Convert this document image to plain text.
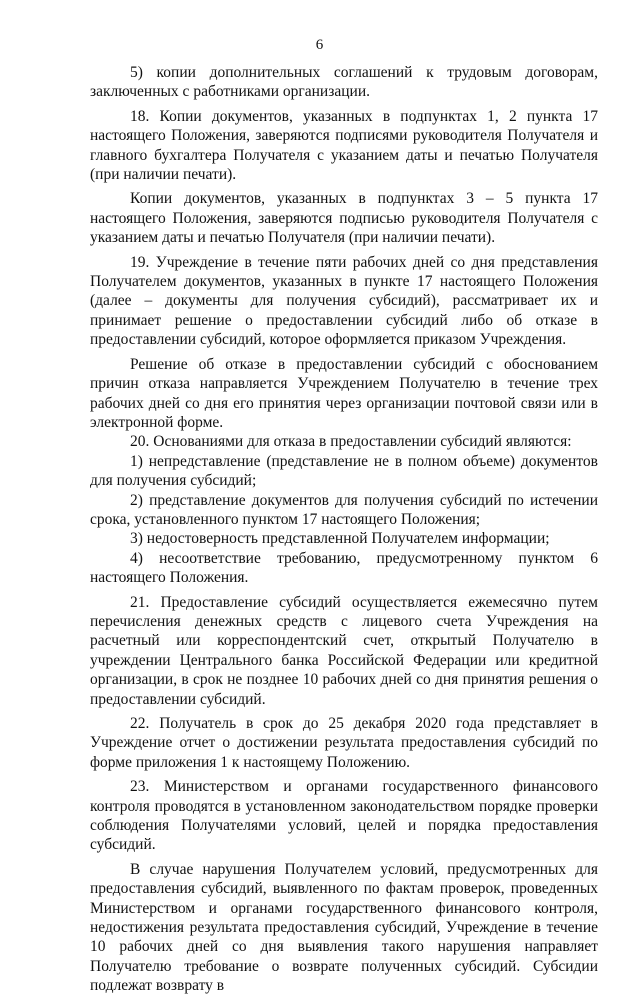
6

5) копии дополнительных соглашений к трудовым договорам, заключенных с работниками организации.

18. Копии документов, указанных в подпунктах 1, 2 пункта 17 настоящего Положения, заверяются подписями руководителя Получателя и главного бухгалтера Получателя с указанием даты и печатью Получателя (при наличии печати).

Копии документов, указанных в подпунктах 3 – 5 пункта 17 настоящего Положения, заверяются подписью руководителя Получателя с указанием даты и печатью Получателя (при наличии печати).

19. Учреждение в течение пяти рабочих дней со дня представления Получателем документов, указанных в пункте 17 настоящего Положения (далее – документы для получения субсидий), рассматривает их и принимает решение о предоставлении субсидий либо об отказе в предоставлении субсидий, которое оформляется приказом Учреждения.

Решение об отказе в предоставлении субсидий с обоснованием причин отказа направляется Учреждением Получателю в течение трех рабочих дней со дня его принятия через организации почтовой связи или в электронной форме.

20. Основаниями для отказа в предоставлении субсидий являются:

1) непредставление (представление не в полном объеме) документов для получения субсидий;

2) представление документов для получения субсидий по истечении срока, установленного пунктом 17 настоящего Положения;

3) недостоверность представленной Получателем информации;

4) несоответствие требованию, предусмотренному пунктом 6 настоящего Положения.

21. Предоставление субсидий осуществляется ежемесячно путем перечисления денежных средств с лицевого счета Учреждения на расчетный или корреспондентский счет, открытый Получателю в учреждении Центрального банка Российской Федерации или кредитной организации, в срок не позднее 10 рабочих дней со дня принятия решения о предоставлении субсидий.

22. Получатель в срок до 25 декабря 2020 года представляет в Учреждение отчет о достижении результата предоставления субсидий по форме приложения 1 к настоящему Положению.

23. Министерством и органами государственного финансового контроля проводятся в установленном законодательством порядке проверки соблюдения Получателями условий, целей и порядка предоставления субсидий.

В случае нарушения Получателем условий, предусмотренных для предоставления субсидий, выявленного по фактам проверок, проведенных Министерством и органами государственного финансового контроля, недостижения результата предоставления субсидий, Учреждение в течение 10 рабочих дней со дня выявления такого нарушения направляет Получателю требование о возврате полученных субсидий. Субсидии подлежат возврату в
